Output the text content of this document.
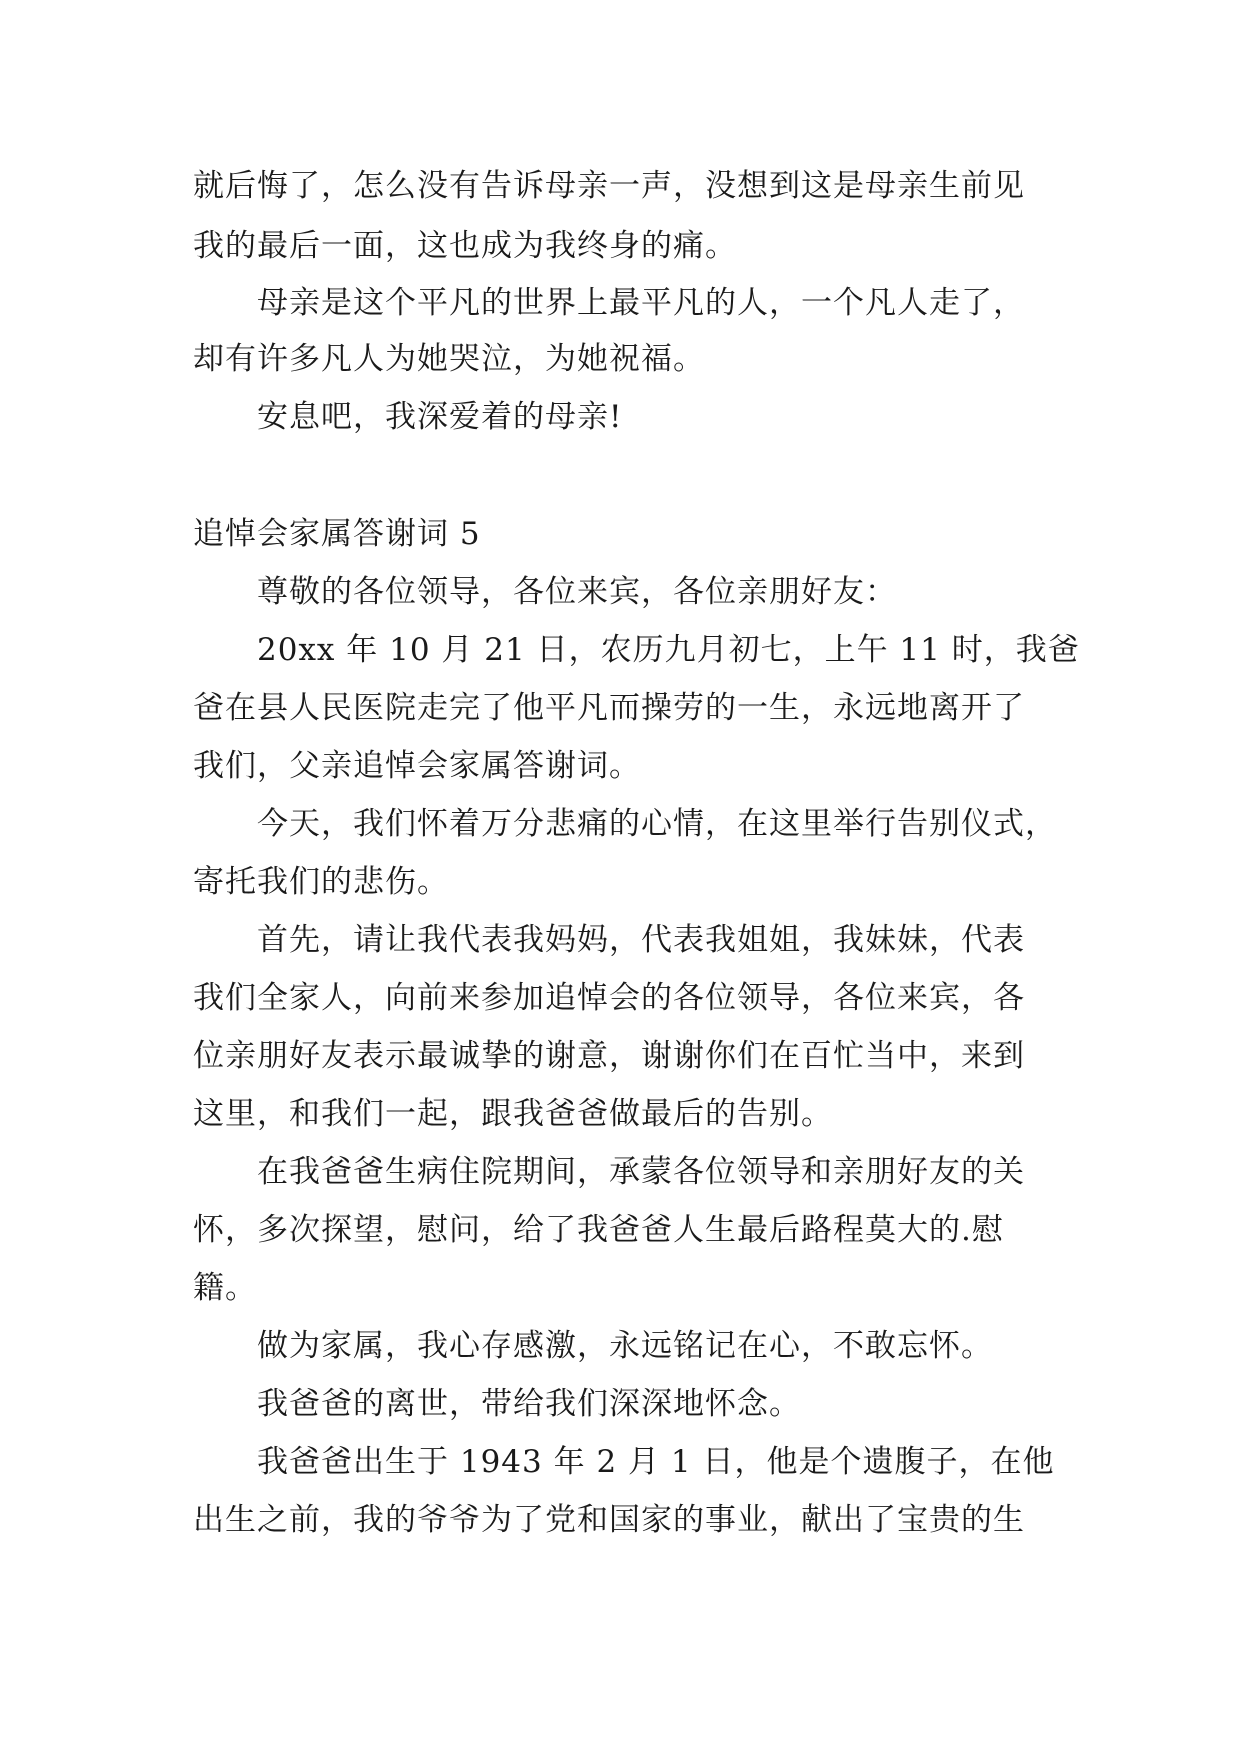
就后悔了，怎么没有告诉母亲一声，没想到这是母亲生前见
我的最后一面，这也成为我终身的痛。
母亲是这个平凡的世界上最平凡的人，一个凡人走了，
却有许多凡人为她哭泣，为她祝福。
安息吧，我深爱着的母亲!
追悼会家属答谢词 5
尊敬的各位领导，各位来宾，各位亲朋好友：
20xx 年 10 月 21 日，农历九月初七，上午 11 时，我爸
爸在县人民医院走完了他平凡而操劳的一生，永远地离开了
我们，父亲追悼会家属答谢词。
今天，我们怀着万分悲痛的心情，在这里举行告别仪式，
寄托我们的悲伤。
首先，请让我代表我妈妈，代表我姐姐，我妹妹，代表
我们全家人，向前来参加追悼会的各位领导，各位来宾，各
位亲朋好友表示最诚挚的谢意，谢谢你们在百忙当中，来到
这里，和我们一起，跟我爸爸做最后的告别。
在我爸爸生病住院期间，承蒙各位领导和亲朋好友的关
怀，多次探望，慰问，给了我爸爸人生最后路程莫大的.慰
籍。
做为家属，我心存感激，永远铭记在心，不敢忘怀。
我爸爸的离世，带给我们深深地怀念。
我爸爸出生于 1943 年 2 月 1 日，他是个遗腹子，在他
出生之前，我的爷爷为了党和国家的事业，献出了宝贵的生
